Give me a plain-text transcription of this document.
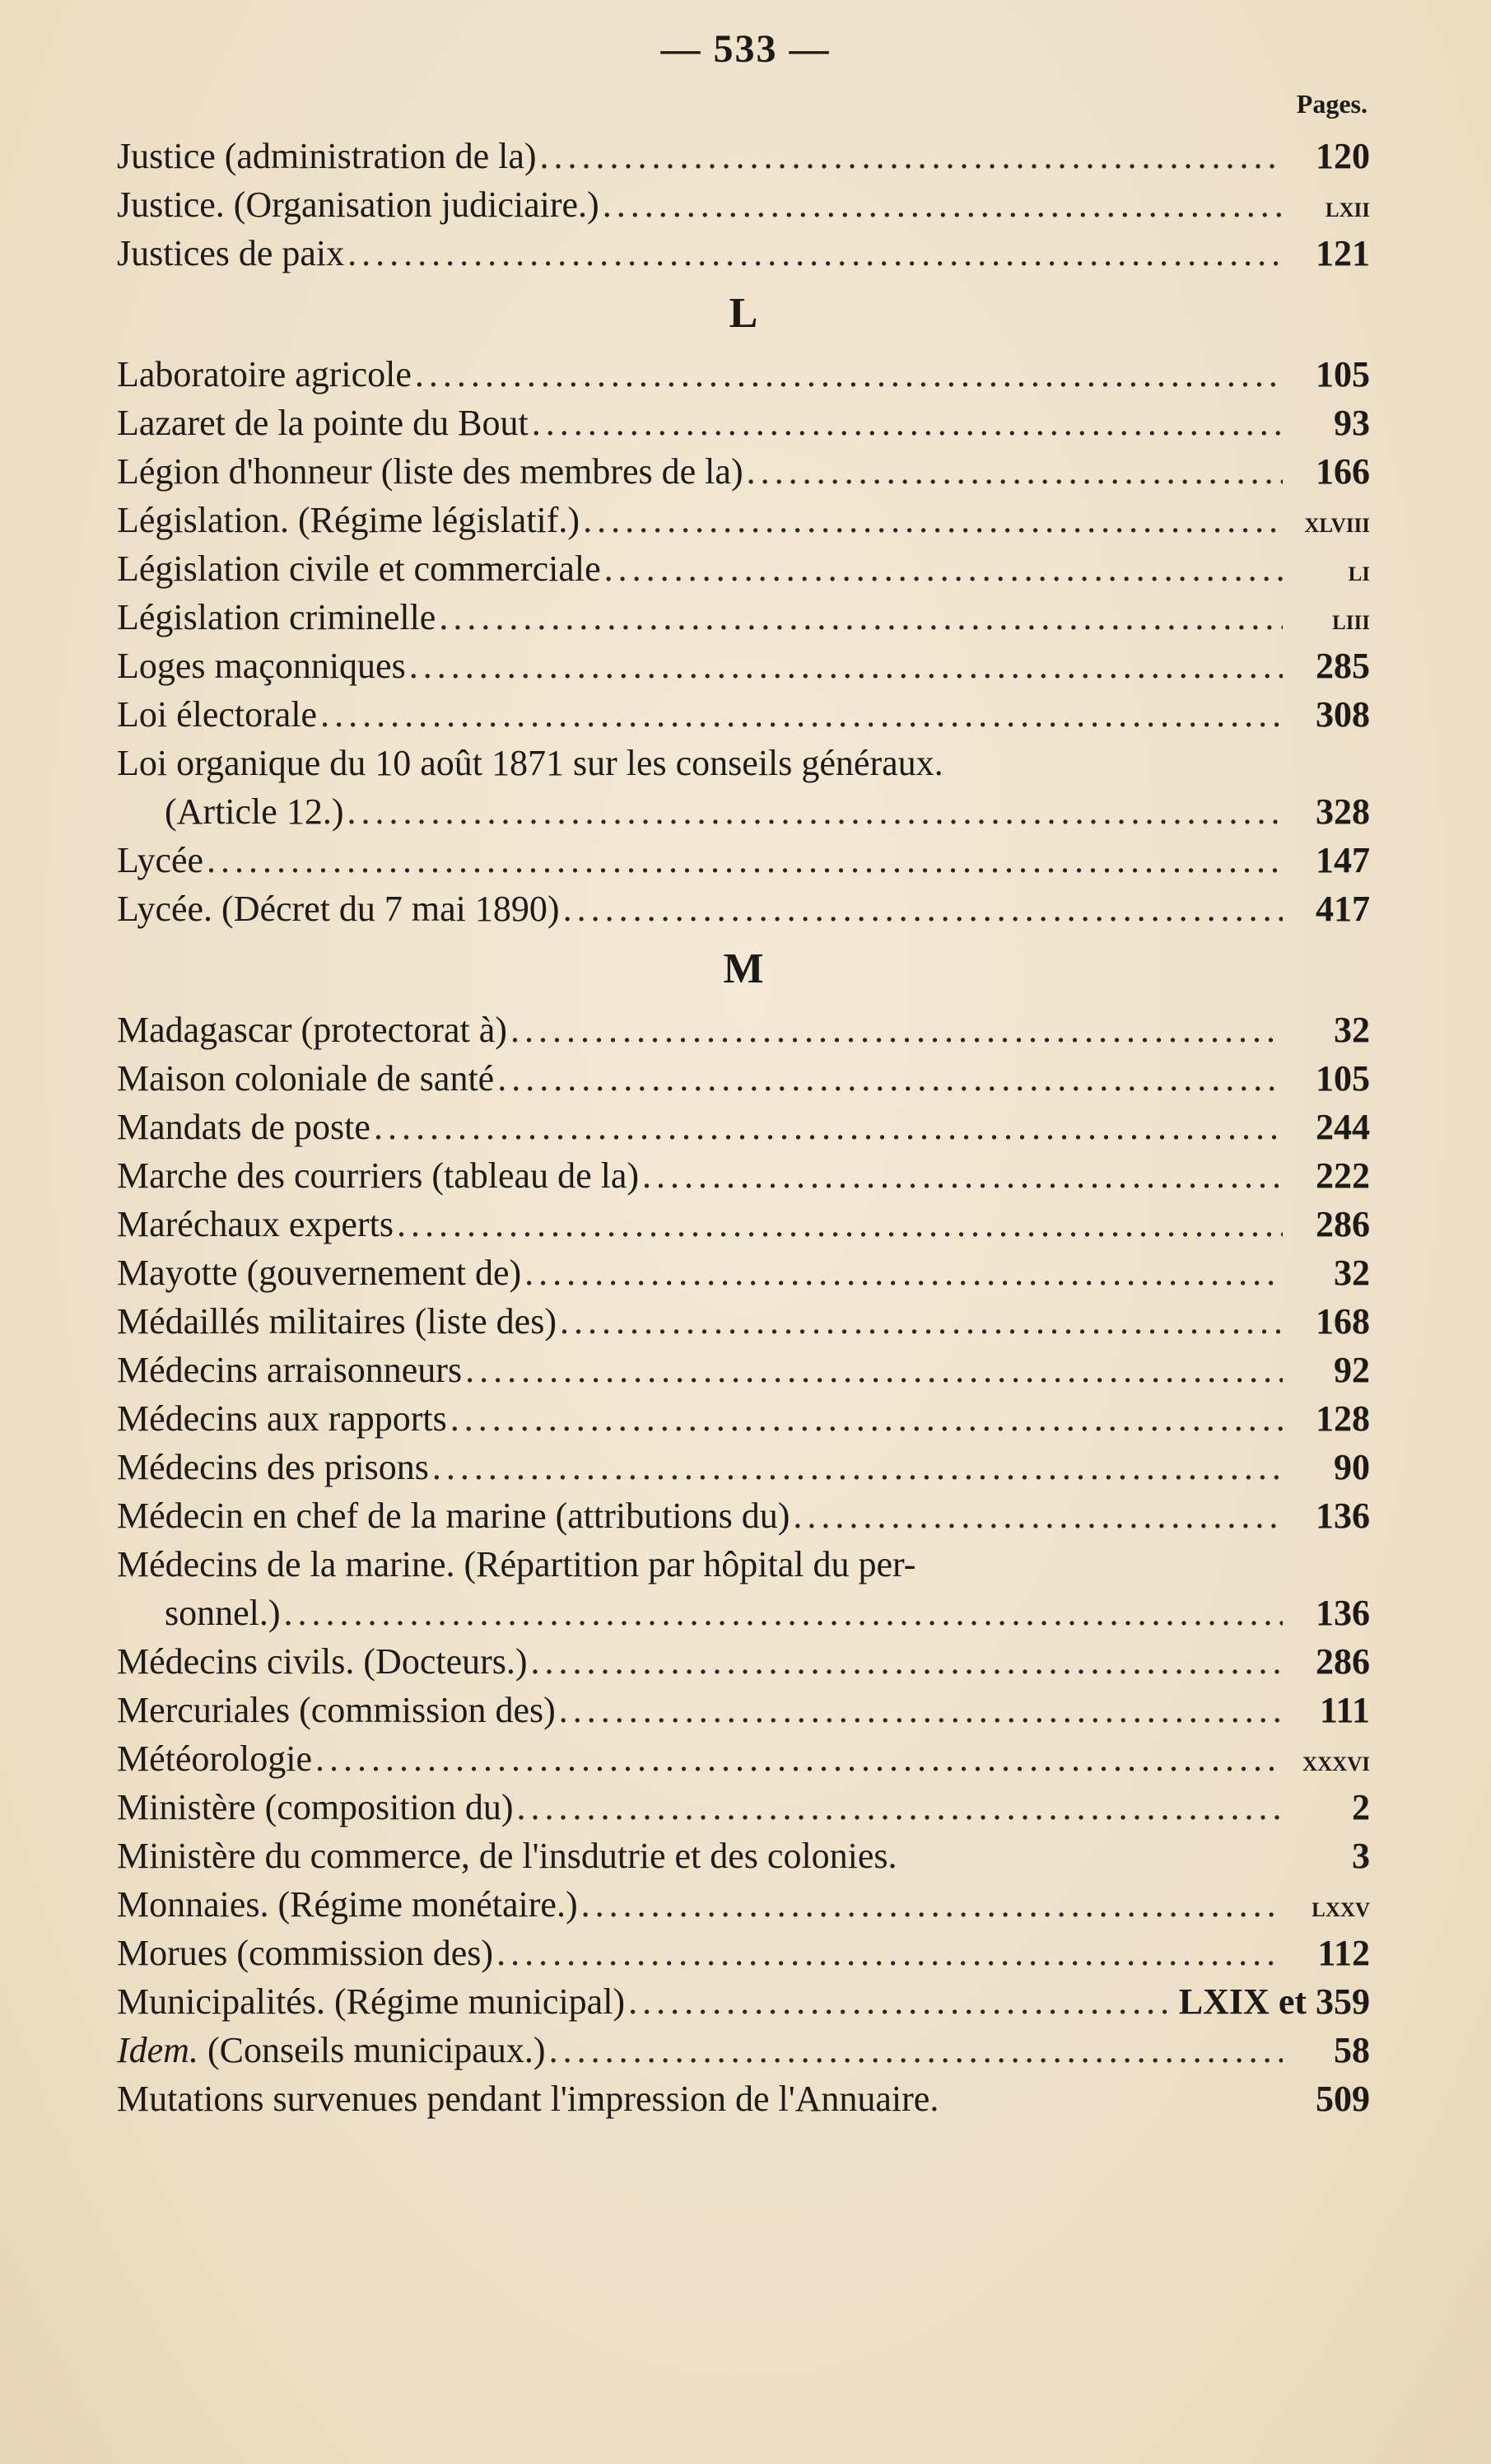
— 533 —
Pages.
Justice (administration de la) .....	120
Justice. (Organisation judiciaire.) .....	lxii
Justices de paix .....	121
L
Laboratoire agricole .....	105
Lazaret de la pointe du Bout .....	93
Légion d'honneur (liste des membres de la) .....	166
Législation. (Régime législatif.) .....	xlviii
Législation civile et commerciale .....	li
Législation criminelle .....	liii
Loges maçonniques .....	285
Loi électorale .....	308
Loi organique du 10 août 1871 sur les conseils généraux.
(Article 12.) .....	328
Lycée .....	147
Lycée. (Décret du 7 mai 1890) .....	417
M
Madagascar (protectorat à) .....	32
Maison coloniale de santé .....	105
Mandats de poste .....	244
Marche des courriers (tableau de la) .....	222
Maréchaux experts .....	286
Mayotte (gouvernement de) .....	32
Médaillés militaires (liste des) .....	168
Médecins arraisonneurs .....	92
Médecins aux rapports .....	128
Médecins des prisons .....	90
Médecin en chef de la marine (attributions du) .....	136
Médecins de la marine. (Répartition par hôpital du per-
sonnel.) .....	136
Médecins civils. (Docteurs.) .....	286
Mercuriales (commission des) .....	111
Météorologie .....	xxxvi
Ministère (composition du) .....	2
Ministère du commerce, de l'insdutrie et des colonies.	3
Monnaies. (Régime monétaire.) .....	lxxv
Morues (commission des) .....	112
Municipalités. (Régime municipal) .....	LXIX et 359
Idem. (Conseils municipaux.) .....	58
Mutations survenues pendant l'impression de l'Annuaire.	509
